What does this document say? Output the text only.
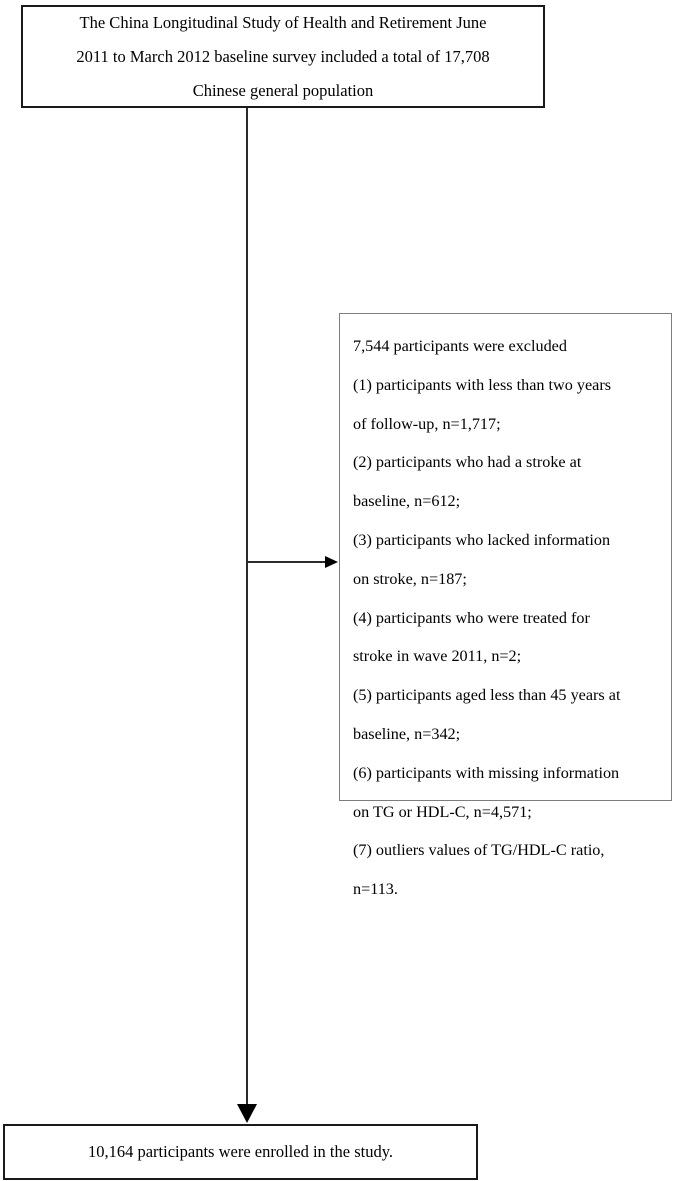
The China Longitudinal Study of Health and Retirement June
2011 to March 2012 baseline survey included a total of 17,708
Chinese general population
7,544 participants were excluded
(1) participants with less than two years
of follow-up, n=1,717;
(2) participants who had a stroke at
baseline, n=612;
(3) participants who lacked information
on stroke, n=187;
(4) participants who were treated for
stroke in wave 2011, n=2;
(5) participants aged less than 45 years at
baseline, n=342;
(6) participants with missing information
on TG or HDL-C, n=4,571;
(7) outliers values of TG/HDL-C ratio,
n=113.
10,164 participants were enrolled in the study.
